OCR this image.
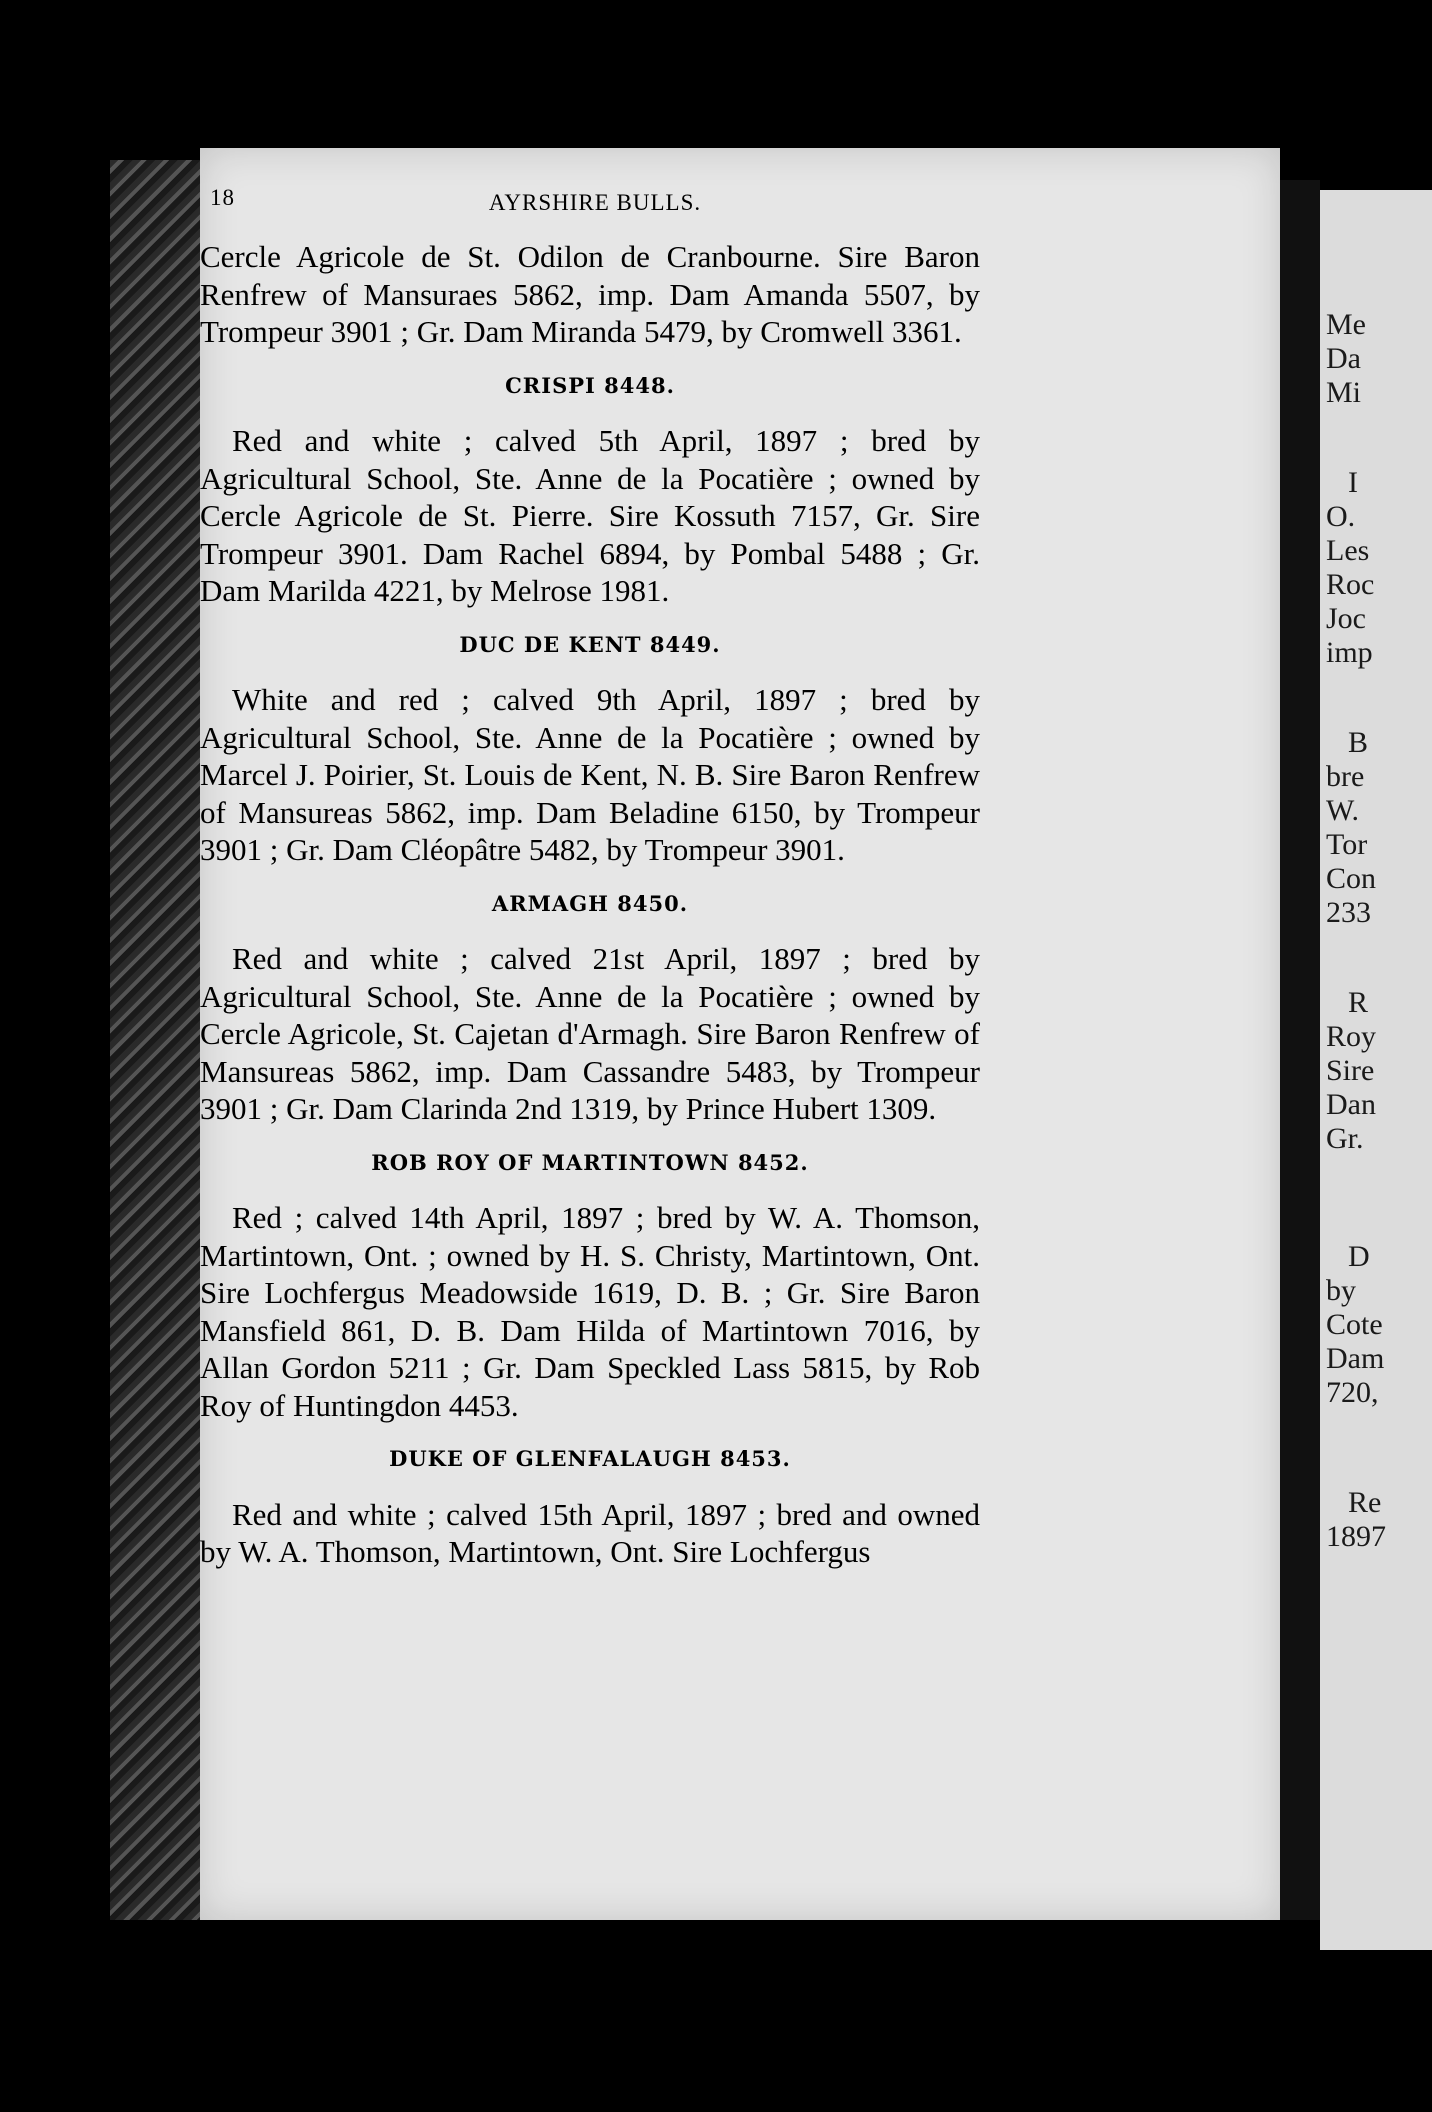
Me
Da
Mi
I
O.
Les
Roc
Joc
imp
B
bre
W.
Tor
Con
233
R
Roy
Sire
Dan
Gr.
D
by
Cote
Dam
720,
Re
1897
18	AYRSHIRE BULLS.

Cercle Agricole de St. Odilon de Cranbourne. Sire Baron Renfrew of Mansuraes 5862, imp. Dam Amanda 5507, by Trompeur 3901 ; Gr. Dam Miranda 5479, by Cromwell 3361.

CRISPI 8448.

Red and white ; calved 5th April, 1897 ; bred by Agricultural School, Ste. Anne de la Pocatière ; owned by Cercle Agricole de St. Pierre. Sire Kossuth 7157, Gr. Sire Trompeur 3901. Dam Rachel 6894, by Pombal 5488 ; Gr. Dam Marilda 4221, by Melrose 1981.

DUC DE KENT 8449.

White and red ; calved 9th April, 1897 ; bred by Agricultural School, Ste. Anne de la Pocatière ; owned by Marcel J. Poirier, St. Louis de Kent, N. B. Sire Baron Renfrew of Mansureas 5862, imp. Dam Beladine 6150, by Trompeur 3901 ; Gr. Dam Cléopâtre 5482, by Trompeur 3901.

ARMAGH 8450.

Red and white ; calved 21st April, 1897 ; bred by Agricultural School, Ste. Anne de la Pocatière ; owned by Cercle Agricole, St. Cajetan d'Armagh. Sire Baron Renfrew of Mansureas 5862, imp. Dam Cassandre 5483, by Trompeur 3901 ; Gr. Dam Clarinda 2nd 1319, by Prince Hubert 1309.

ROB ROY OF MARTINTOWN 8452.

Red ; calved 14th April, 1897 ; bred by W. A. Thomson, Martintown, Ont. ; owned by H. S. Christy, Martintown, Ont. Sire Lochfergus Meadowside 1619, D. B. ; Gr. Sire Baron Mansfield 861, D. B. Dam Hilda of Martintown 7016, by Allan Gordon 5211 ; Gr. Dam Speckled Lass 5815, by Rob Roy of Huntingdon 4453.

DUKE OF GLENFALAUGH 8453.

Red and white ; calved 15th April, 1897 ; bred and owned by W. A. Thomson, Martintown, Ont. Sire Lochfergus
